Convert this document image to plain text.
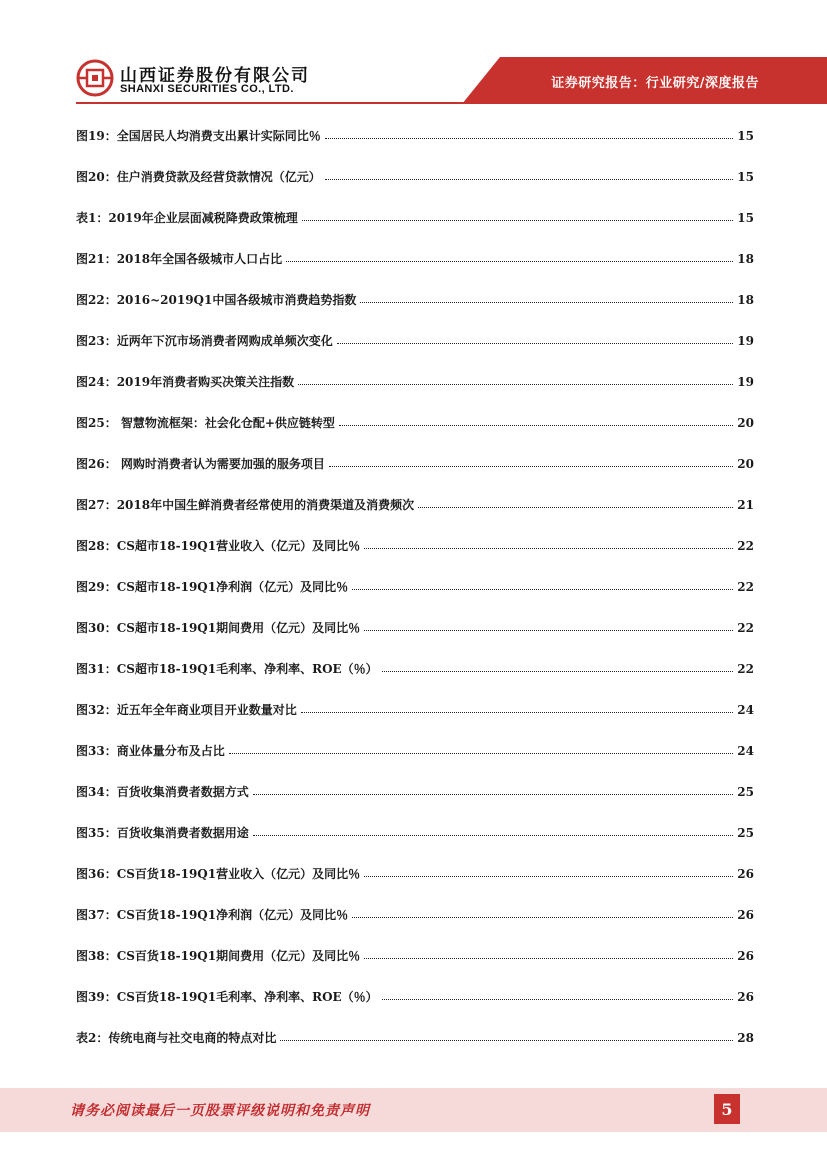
山西证券股份有限公司
SHANXI SECURITIES CO., LTD.	证券研究报告：行业研究/深度报告
图19：全国居民人均消费支出累计实际同比％	15
图20：住户消费贷款及经营贷款情况（亿元）	15
表1：2019年企业层面减税降费政策梳理	15
图21：2018年全国各级城市人口占比	18
图22：2016~2019Q1中国各级城市消费趋势指数	18
图23：近两年下沉市场消费者网购成单频次变化	19
图24：2019年消费者购买决策关注指数	19
图25： 智慧物流框架：社会化仓配+供应链转型	20
图26： 网购时消费者认为需要加强的服务项目	20
图27：2018年中国生鲜消费者经常使用的消费渠道及消费频次	21
图28：CS超市18-19Q1营业收入（亿元）及同比％	22
图29：CS超市18-19Q1净利润（亿元）及同比％	22
图30：CS超市18-19Q1期间费用（亿元）及同比％	22
图31：CS超市18-19Q1毛利率、净利率、ROE（％）	22
图32：近五年全年商业项目开业数量对比	24
图33：商业体量分布及占比	24
图34：百货收集消费者数据方式	25
图35：百货收集消费者数据用途	25
图36：CS百货18-19Q1营业收入（亿元）及同比％	26
图37：CS百货18-19Q1净利润（亿元）及同比％	26
图38：CS百货18-19Q1期间费用（亿元）及同比％	26
图39：CS百货18-19Q1毛利率、净利率、ROE（％）	26
表2：传统电商与社交电商的特点对比	28
请务必阅读最后一页股票评级说明和免责声明	5
